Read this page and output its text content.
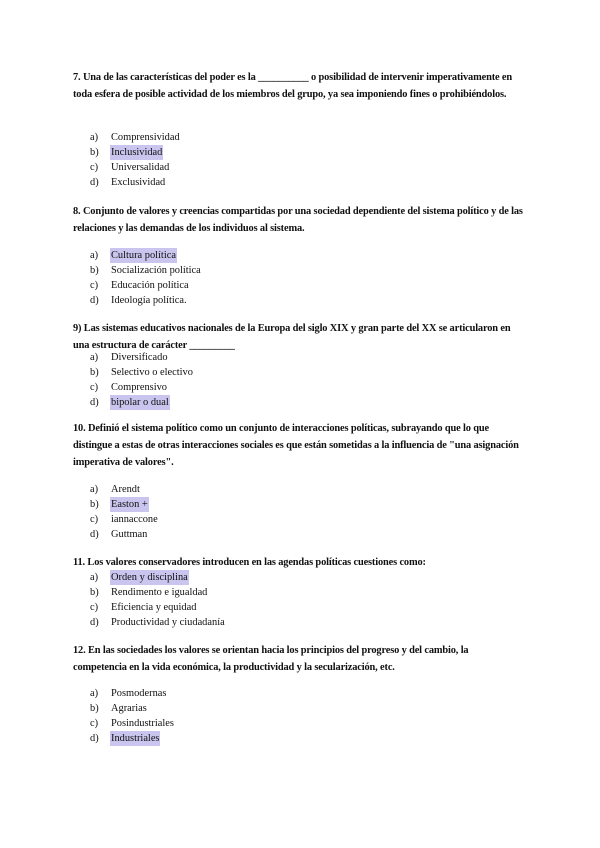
7. Una de las características del poder es la __________ o posibilidad de intervenir imperativamente en toda esfera de posible actividad de los miembros del grupo, ya sea imponiendo fines o prohibiéndolos.
a) Comprensividad
b)Inclusividad
c) Universalidad
d)Exclusividad
8. Conjunto de valores y creencias compartidas por una sociedad dependiente del sistema político y de las relaciones y las demandas de los individuos al sistema.
a)Cultura política
b) Socialización política
c) Educación política
d) Ideología política.
9) Las sistemas educativos nacionales de la Europa del siglo XIX y gran parte del XX se articularon en una estructura de carácter _________
a) Diversificado
b) Selectivo o electivo
c)Comprensivo
d) bipolar o dual
10. Definió el sistema político como un conjunto de interacciones políticas, subrayando que lo que distingue a estas de otras interacciones sociales es que están sometidas a la influencia de "una asignación imperativa de valores".
a) Arendt
b) Easton +
c)iannaccone
d) Guttman
11. Los valores conservadores introducen en las agendas políticas cuestiones como:
a) Orden y disciplina
b) Rendimento e igualdad
c)Eficiencia y equidad
d) Productividad y ciudadanía
12. En las sociedades los valores se orientan hacia los principios del progreso y del cambio, la competencia en la vida económica, la productividad y la secularización, etc.
a) Posmodernas
b) Agrarias
c) Posindustriales
d)Industriales
